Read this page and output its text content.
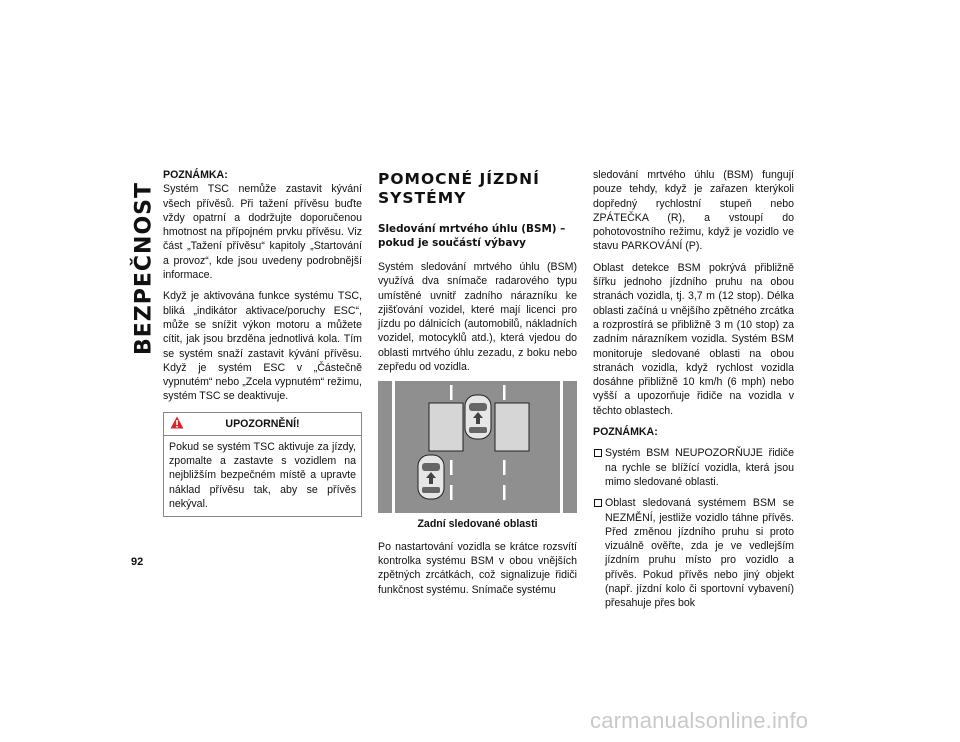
BEZPEČNOST
92

POZNÁMKA:

Systém TSC nemůže zastavit kývání všech přívěsů. Při tažení přívěsu buďte vždy opatrní a dodržujte doporučenou hmotnost na přípojném prvku přívěsu. Viz část „Tažení přívěsu“ kapitoly „Startování a provoz“, kde jsou uvedeny podrobnější informace.

Když je aktivována funkce systému TSC, bliká „indikátor aktivace/poruchy ESC“, může se snížit výkon motoru a můžete cítit, jak jsou brzděna jednotlivá kola. Tím se systém snaží zastavit kývání přívěsu. Když je systém ESC v „Částečně vypnutém“ nebo „Zcela vypnutém“ režimu, systém TSC se deaktivuje.

UPOZORNĚNÍ!

Pokud se systém TSC aktivuje za jízdy, zpomalte a zastavte s vozidlem na nejbližším bezpečném místě a upravte náklad přívěsu tak, aby se přívěs nekýval.

POMOCNÉ JÍZDNÍ SYSTÉMY
Sledování mrtvého úhlu (BSM) – pokud je součástí výbavy

Systém sledování mrtvého úhlu (BSM) využívá dva snímače radarového typu umístěné uvnitř zadního nárazníku ke zjišťování vozidel, které mají licenci pro jízdu po dálnicích (automobilů, nákladních vozidel, motocyklů atd.), která vjedou do oblasti mrtvého úhlu zezadu, z boku nebo zepředu od vozidla.

Zadní sledované oblasti

Po nastartování vozidla se krátce rozsvítí kontrolka systému BSM v obou vnějších zpětných zrcátkách, což signalizuje řidiči funkčnost systému. Snímače systému

sledování mrtvého úhlu (BSM) fungují pouze tehdy, když je zařazen kterýkoli dopředný rychlostní stupeň nebo ZPÁTEČKA (R), a vstoupí do pohotovostního režimu, když je vozidlo ve stavu PARKOVÁNÍ (P).

Oblast detekce BSM pokrývá přibližně šířku jednoho jízdního pruhu na obou stranách vozidla, tj. 3,7 m (12 stop). Délka oblasti začíná u vnějšího zpětného zrcátka a rozprostírá se přibližně 3 m (10 stop) za zadním nárazníkem vozidla. Systém BSM monitoruje sledované oblasti na obou stranách vozidla, když rychlost vozidla dosáhne přibližně 10 km/h (6 mph) nebo vyšší a upozorňuje řidiče na vozidla v těchto oblastech.

POZNÁMKA:

Systém BSM NEUPOZORŇUJE řidiče na rychle se blížící vozidla, která jsou mimo sledované oblasti.
Oblast sledovaná systémem BSM se NEZMĚNÍ, jestliže vozidlo táhne přívěs. Před změnou jízdního pruhu si proto vizuálně ověřte, zda je ve vedlejším jízdním pruhu místo pro vozidlo a přívěs. Pokud přívěs nebo jiný objekt (např. jízdní kolo či sportovní vybavení) přesahuje přes bok
carmanualsonline.info
